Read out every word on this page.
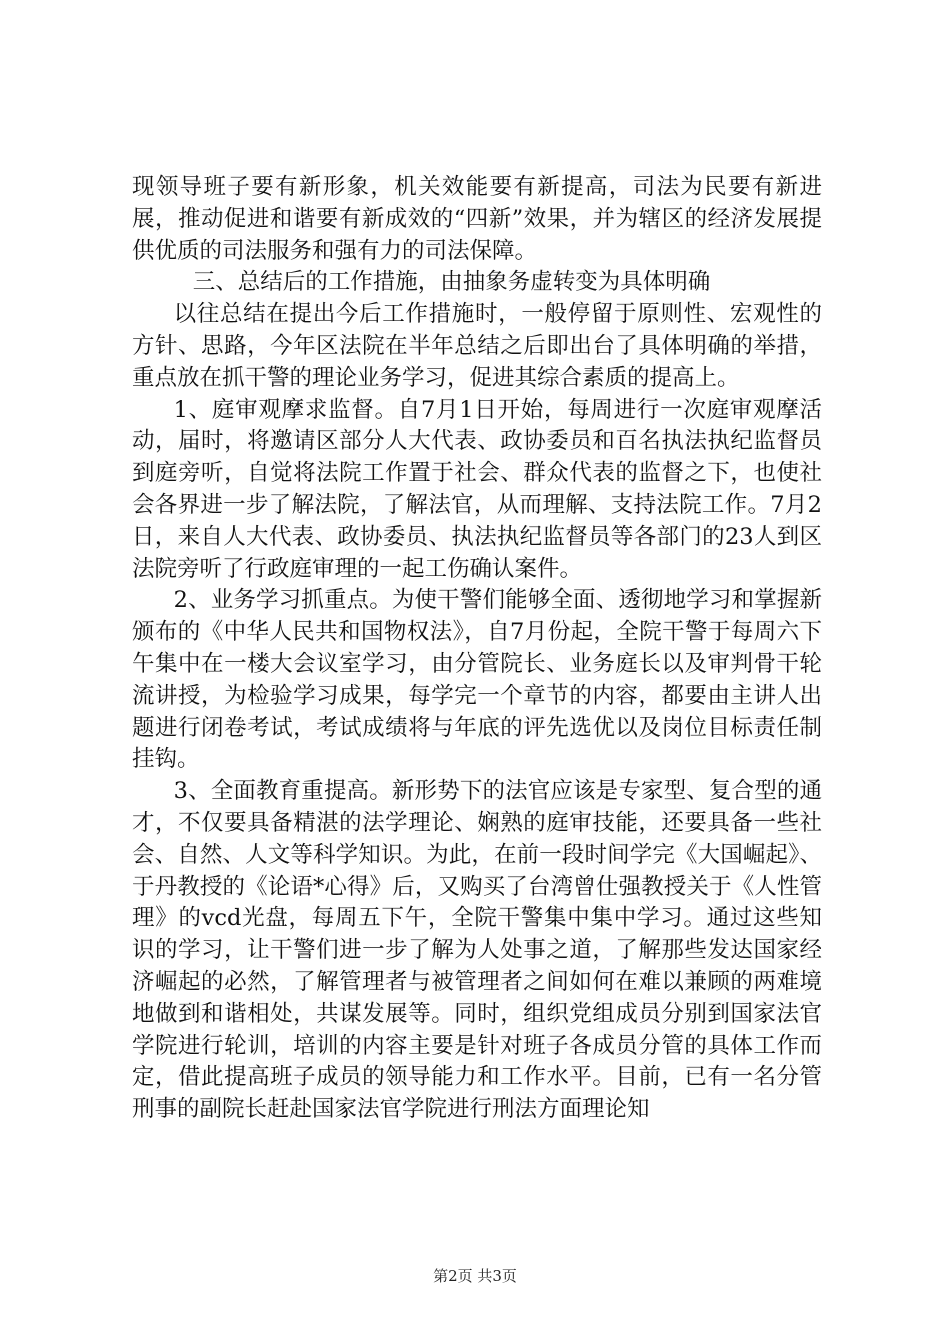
现领导班子要有新形象，机关效能要有新提高，司法为民要有新进展，推动促进和谐要有新成效的“四新”效果，并为辖区的经济发展提供优质的司法服务和强有力的司法保障。

三、总结后的工作措施，由抽象务虚转变为具体明确

以往总结在提出今后工作措施时，一般停留于原则性、宏观性的方针、思路，今年区法院在半年总结之后即出台了具体明确的举措，重点放在抓干警的理论业务学习，促进其综合素质的提高上。

1、庭审观摩求监督。自7月1日开始，每周进行一次庭审观摩活动，届时，将邀请区部分人大代表、政协委员和百名执法执纪监督员到庭旁听，自觉将法院工作置于社会、群众代表的监督之下，也使社会各界进一步了解法院，了解法官，从而理解、支持法院工作。7月2日，来自人大代表、政协委员、执法执纪监督员等各部门的23人到区法院旁听了行政庭审理的一起工伤确认案件。

2、业务学习抓重点。为使干警们能够全面、透彻地学习和掌握新颁布的《中华人民共和国物权法》，自7月份起，全院干警于每周六下午集中在一楼大会议室学习，由分管院长、业务庭长以及审判骨干轮流讲授，为检验学习成果，每学完一个章节的内容，都要由主讲人出题进行闭卷考试，考试成绩将与年底的评先选优以及岗位目标责任制挂钩。

3、全面教育重提高。新形势下的法官应该是专家型、复合型的通才，不仅要具备精湛的法学理论、娴熟的庭审技能，还要具备一些社会、自然、人文等科学知识。为此，在前一段时间学完《大国崛起》、于丹教授的《论语*心得》后，又购买了台湾曾仕强教授关于《人性管理》的vcd光盘，每周五下午，全院干警集中集中学习。通过这些知识的学习，让干警们进一步了解为人处事之道，了解那些发达国家经济崛起的必然，了解管理者与被管理者之间如何在难以兼顾的两难境地做到和谐相处，共谋发展等。同时，组织党组成员分别到国家法官学院进行轮训，培训的内容主要是针对班子各成员分管的具体工作而定，借此提高班子成员的领导能力和工作水平。目前，已有一名分管刑事的副院长赶赴国家法官学院进行刑法方面理论知

第2页 共3页
